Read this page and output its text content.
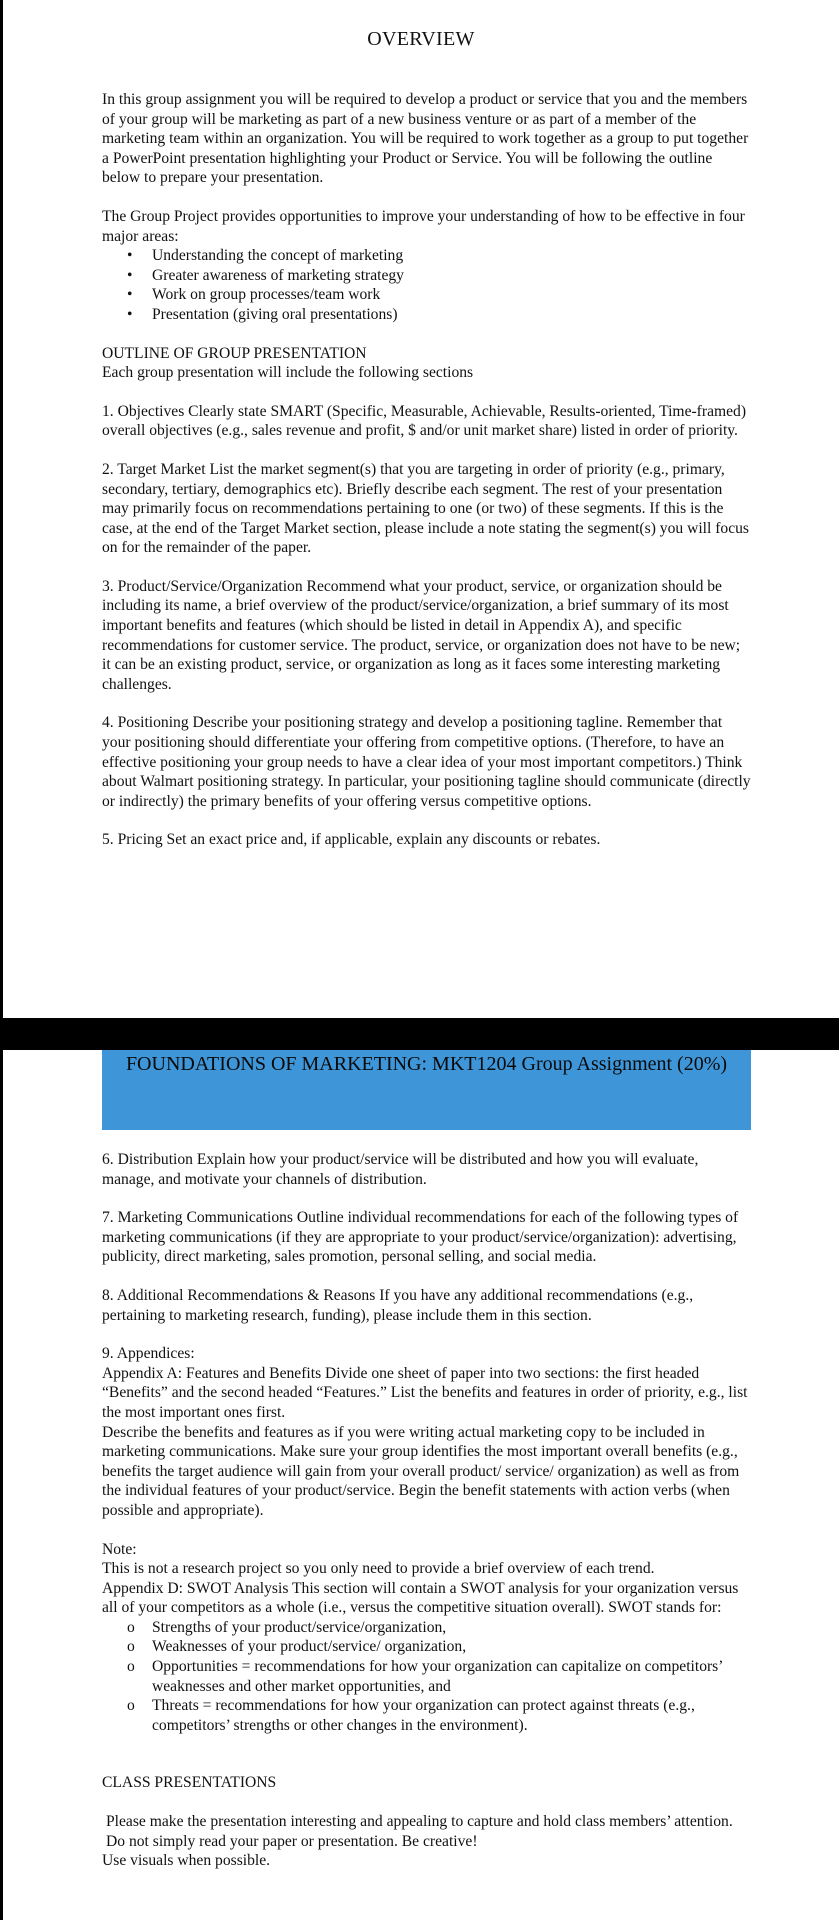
OVERVIEW

In this group assignment you will be required to develop a product or service that you and the members of your group will be marketing as part of a new business venture or as part of a member of the marketing team within an organization. You will be required to work together as a group to put together a PowerPoint presentation highlighting your Product or Service. You will be following the outline below to prepare your presentation.

The Group Project provides opportunities to improve your understanding of how to be effective in four major areas:

• Understanding the concept of marketing
• Greater awareness of marketing strategy
• Work on group processes/team work
• Presentation (giving oral presentations)

OUTLINE OF GROUP PRESENTATION

Each group presentation will include the following sections

1. Objectives Clearly state SMART (Specific, Measurable, Achievable, Results-oriented, Time-framed) overall objectives (e.g., sales revenue and profit, $ and/or unit market share) listed in order of priority.

2. Target Market List the market segment(s) that you are targeting in order of priority (e.g., primary, secondary, tertiary, demographics etc). Briefly describe each segment. The rest of your presentation may primarily focus on recommendations pertaining to one (or two) of these segments. If this is the case, at the end of the Target Market section, please include a note stating the segment(s) you will focus on for the remainder of the paper.

3. Product/Service/Organization Recommend what your product, service, or organization should be including its name, a brief overview of the product/service/organization, a brief summary of its most important benefits and features (which should be listed in detail in Appendix A), and specific recommendations for customer service. The product, service, or organization does not have to be new; it can be an existing product, service, or organization as long as it faces some interesting marketing challenges.

4. Positioning Describe your positioning strategy and develop a positioning tagline. Remember that your positioning should differentiate your offering from competitive options. (Therefore, to have an effective positioning your group needs to have a clear idea of your most important competitors.) Think about Walmart positioning strategy. In particular, your positioning tagline should communicate (directly or indirectly) the primary benefits of your offering versus competitive options.

5. Pricing Set an exact price and, if applicable, explain any discounts or rebates.

FOUNDATIONS OF MARKETING: MKT1204 Group Assignment (20%)

6. Distribution Explain how your product/service will be distributed and how you will evaluate, manage, and motivate your channels of distribution.

7. Marketing Communications Outline individual recommendations for each of the following types of marketing communications (if they are appropriate to your product/service/organization): advertising, publicity, direct marketing, sales promotion, personal selling, and social media.

8. Additional Recommendations & Reasons If you have any additional recommendations (e.g., pertaining to marketing research, funding), please include them in this section.

9. Appendices:

Appendix A: Features and Benefits Divide one sheet of paper into two sections: the first headed “Benefits” and the second headed “Features.” List the benefits and features in order of priority, e.g., list the most important ones first.

Describe the benefits and features as if you were writing actual marketing copy to be included in marketing communications. Make sure your group identifies the most important overall benefits (e.g., benefits the target audience will gain from your overall product/ service/ organization) as well as from the individual features of your product/service. Begin the benefit statements with action verbs (when possible and appropriate).

Note:

This is not a research project so you only need to provide a brief overview of each trend.

Appendix D: SWOT Analysis This section will contain a SWOT analysis for your organization versus all of your competitors as a whole (i.e., versus the competitive situation overall). SWOT stands for:

o Strengths of your product/service/organization,
o Weaknesses of your product/service/ organization,
o Opportunities = recommendations for how your organization can capitalize on competitors’ weaknesses and other market opportunities, and
o Threats = recommendations for how your organization can protect against threats (e.g., competitors’ strengths or other changes in the environment).

CLASS PRESENTATIONS

Please make the presentation interesting and appealing to capture and hold class members’ attention. Do not simply read your paper or presentation. Be creative!

Use visuals when possible.
